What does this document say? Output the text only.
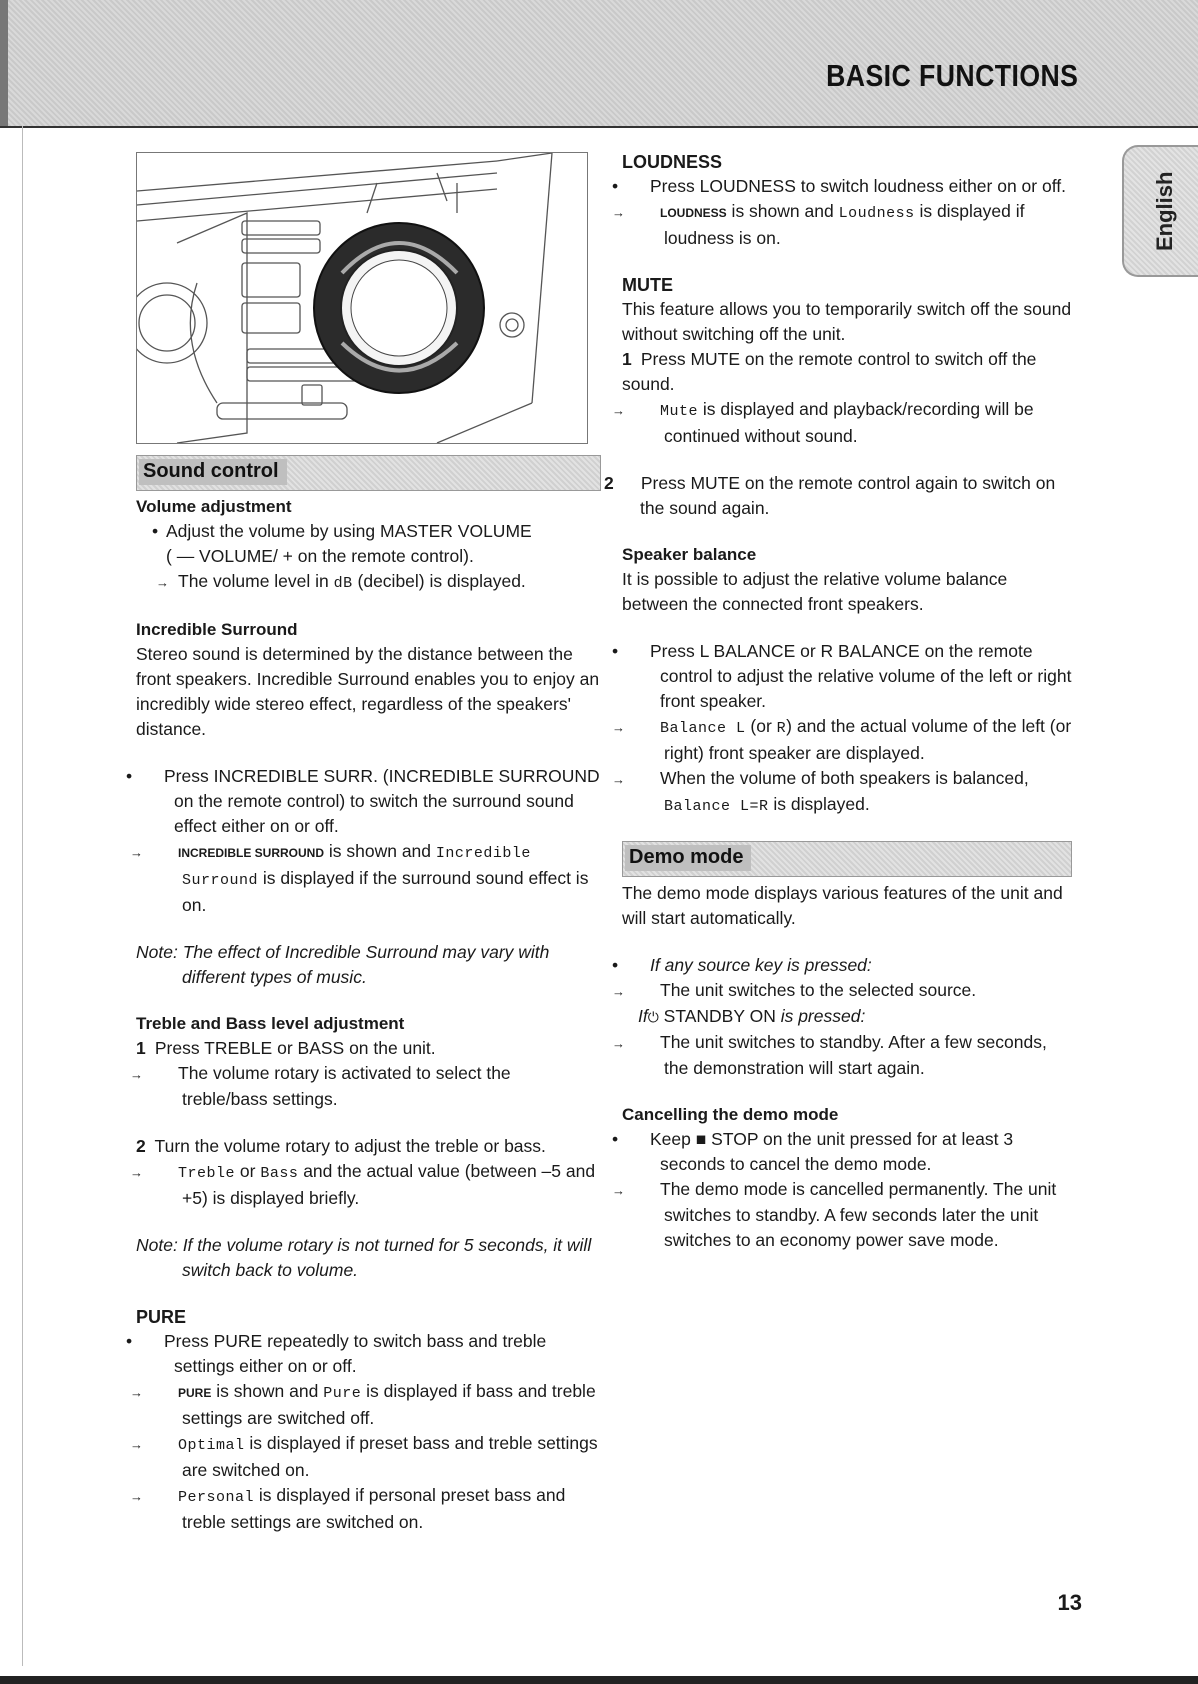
BASIC FUNCTIONS
English
Sound control

Volume adjustment

• Adjust the volume by using MASTER VOLUME

( — VOLUME/ + on the remote control).

→ The volume level in dB (decibel) is displayed.

Incredible Surround

Stereo sound is determined by the distance between the front speakers. Incredible Surround enables you to enjoy an incredibly wide stereo effect, regardless of the speakers' distance.

• Press INCREDIBLE SURR. (INCREDIBLE SURROUND on the remote control) to switch the surround sound effect either on or off.

→	INCREDIBLE SURROUND is shown and Incredible Surround is displayed if the surround sound effect is on.

Note: The effect of Incredible Surround may vary with different types of music.

Treble and Bass level adjustment

1 Press TREBLE or BASS on the unit.

→ The volume rotary is activated to select the treble/bass settings.

2 Turn the volume rotary to adjust the treble or bass.

→ Treble or Bass and the actual value (between –5 and +5) is displayed briefly.

Note: If the volume rotary is not turned for 5 seconds, it will switch back to volume.

PURE

• Press PURE repeatedly to switch bass and treble settings either on or off.

→	PURE is shown and Pure is displayed if bass and treble settings are switched off.

→ Optimal is displayed if preset bass and treble settings are switched on.

→ Personal is displayed if personal preset bass and treble settings are switched on.

LOUDNESS

• Press LOUDNESS to switch loudness either on or off.

→	LOUDNESS is shown and Loudness is displayed if loudness is on.

MUTE

This feature allows you to temporarily switch off the sound without switching off the unit.

1 Press MUTE on the remote control to switch off the sound.

→ Mute is displayed and playback/recording will be continued without sound.

2 Press MUTE on the remote control again to switch on the sound again.

Speaker balance

It is possible to adjust the relative volume balance between the connected front speakers.

• Press L BALANCE or R BALANCE on the remote control to adjust the relative volume of the left or right front speaker.

→ Balance L (or R) and the actual volume of the left (or right) front speaker are displayed.

→ When the volume of both speakers is balanced,

Balance L=R is displayed.

Demo mode

The demo mode displays various features of the unit and will start automatically.

• If any source key is pressed:

→ The unit switches to the selected source.

If⏻ STANDBY ON is pressed:

→ The unit switches to standby. After a few seconds, the demonstration will start again.

Cancelling the demo mode

• Keep ■ STOP on the unit pressed for at least 3 seconds to cancel the demo mode.

→ The demo mode is cancelled permanently. The unit switches to standby. A few seconds later the unit switches to an economy power save mode.

13
